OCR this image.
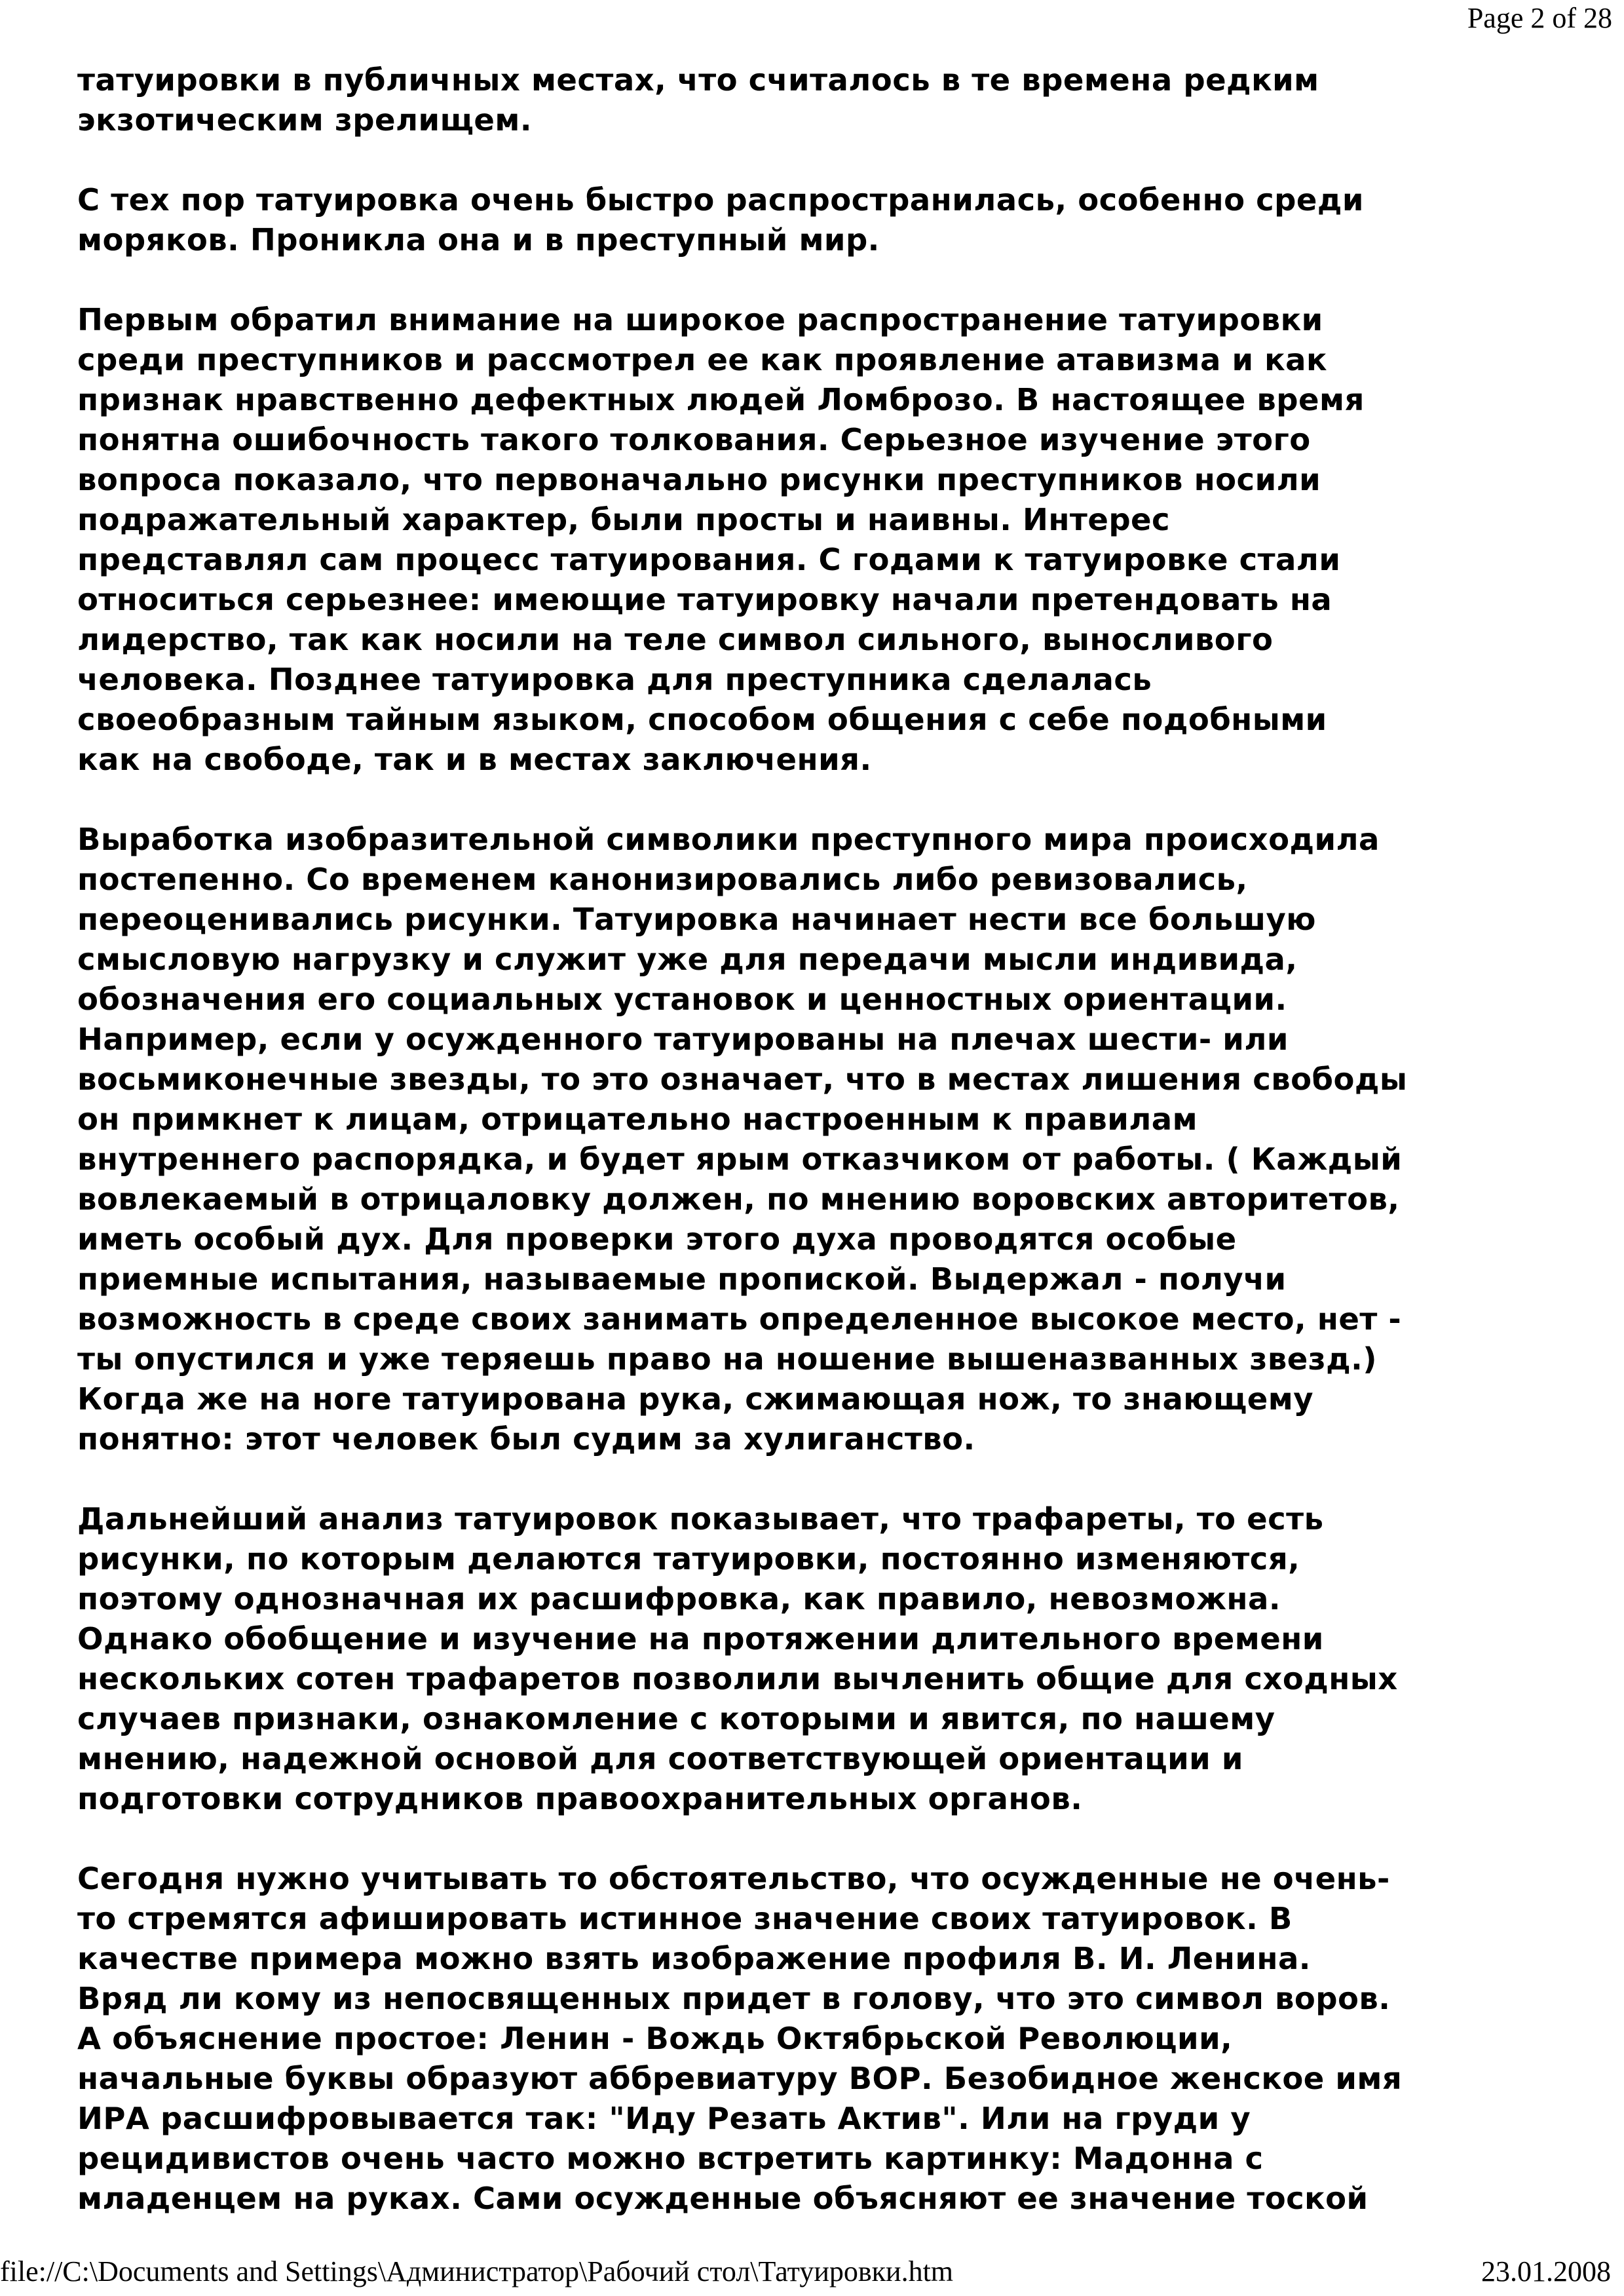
Page 2 of 28
татуировки в публичных местах, что считалось в те времена редким
экзотическим зрелищем.
С тех пор татуировка очень быстро распространилась, особенно среди
моряков. Проникла она и в преступный мир.
Первым обратил внимание на широкое распространение татуировки
среди преступников и рассмотрел ее как проявление атавизма и как
признак нравственно дефектных людей Ломброзо. В настоящее время
понятна ошибочность такого толкования. Серьезное изучение этого
вопроса показало, что первоначально рисунки преступников носили
подражательный характер, были просты и наивны. Интерес
представлял сам процесс татуирования. С годами к татуировке стали
относиться серьезнее: имеющие татуировку начали претендовать на
лидерство, так как носили на теле символ сильного, выносливого
человека. Позднее татуировка для преступника сделалась
своеобразным тайным языком, способом общения с себе подобными
как на свободе, так и в местах заключения.
Выработка изобразительной символики преступного мира происходила
постепенно. Со временем канонизировались либо ревизовались,
переоценивались рисунки. Татуировка начинает нести все большую
смысловую нагрузку и служит уже для передачи мысли индивида,
обозначения его социальных установок и ценностных ориентации.
Например, если у осужденного татуированы на плечах шести- или
восьмиконечные звезды, то это означает, что в местах лишения свободы
он примкнет к лицам, отрицательно настроенным к правилам
внутреннего распорядка, и будет ярым отказчиком от работы. ( Каждый
вовлекаемый в отрицаловку должен, по мнению воровских авторитетов,
иметь особый дух. Для проверки этого духа проводятся особые
приемные испытания, называемые пропиской. Выдержал - получи
возможность в среде своих занимать определенное высокое место, нет -
ты опустился и уже теряешь право на ношение вышеназванных звезд.)
Когда же на ноге татуирована рука, сжимающая нож, то знающему
понятно: этот человек был судим за хулиганство.
Дальнейший анализ татуировок показывает, что трафареты, то есть
рисунки, по которым делаются татуировки, постоянно изменяются,
поэтому однозначная их расшифровка, как правило, невозможна.
Однако обобщение и изучение на протяжении длительного времени
нескольких сотен трафаретов позволили вычленить общие для сходных
случаев признаки, ознакомление с которыми и явится, по нашему
мнению, надежной основой для соответствующей ориентации и
подготовки сотрудников правоохранительных органов.
Сегодня нужно учитывать то обстоятельство, что осужденные не очень-
то стремятся афишировать истинное значение своих татуировок. В
качестве примера можно взять изображение профиля В. И. Ленина.
Вряд ли кому из непосвященных придет в голову, что это символ воров.
А объяснение простое: Ленин - Вождь Октябрьской Революции,
начальные буквы образуют аббревиатуру ВОР. Безобидное женское имя
ИРА расшифровывается так: "Иду Резать Актив". Или на груди у
рецидивистов очень часто можно встретить картинку: Мадонна с
младенцем на руках. Сами осужденные объясняют ее значение тоской
file://C:\Documents and Settings\Администратор\Рабочий стол\Татуировки.htm	23.01.2008
